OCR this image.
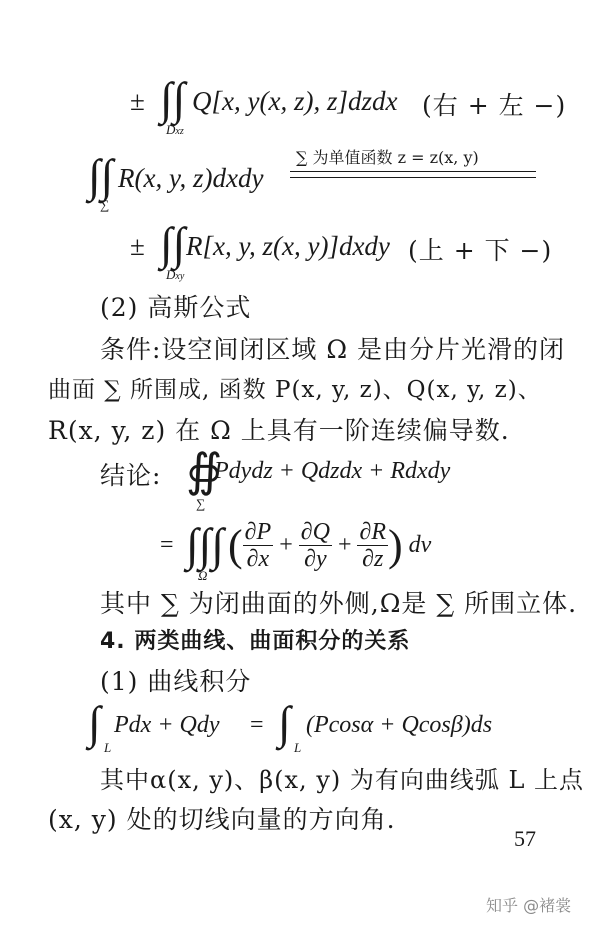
± ∫∫
Dxz
Q[x, y(x, z), z]dzdx (右 + 左 −)
∫∫
∑
R(x, y, z)dxdy
∑ 为单值函数 z = z(x, y)
± ∫∫
Dxy
R[x, y, z(x, y)]dxdy (上 + 下 −)
(2) 高斯公式
条件:设空间闭区域 Ω 是由分片光滑的闭
曲面 ∑ 所围成, 函数 P(x, y, z)、Q(x, y, z)、
R(x, y, z) 在 Ω 上具有一阶连续偏导数.
结论: ∯
∑
Pdydz + Qdzdx + Rdxdy
= ∫∫∫
Ω
( $\frac{\partial P}{\partial x} + \frac{\partial Q}{\partial y} + \frac{\partial R}{\partial z}$ ) dv
其中 ∑ 为闭曲面的外侧,Ω是 ∑ 所围立体.
4. 两类曲线、曲面积分的关系
(1) 曲线积分
∫ L
Pdx + Qdy = ∫ L
(Pcosα + Qcosβ)ds
其中α(x, y)、β(x, y) 为有向曲线弧 L 上点
(x, y) 处的切线向量的方向角.
57
知乎 @褚裳
